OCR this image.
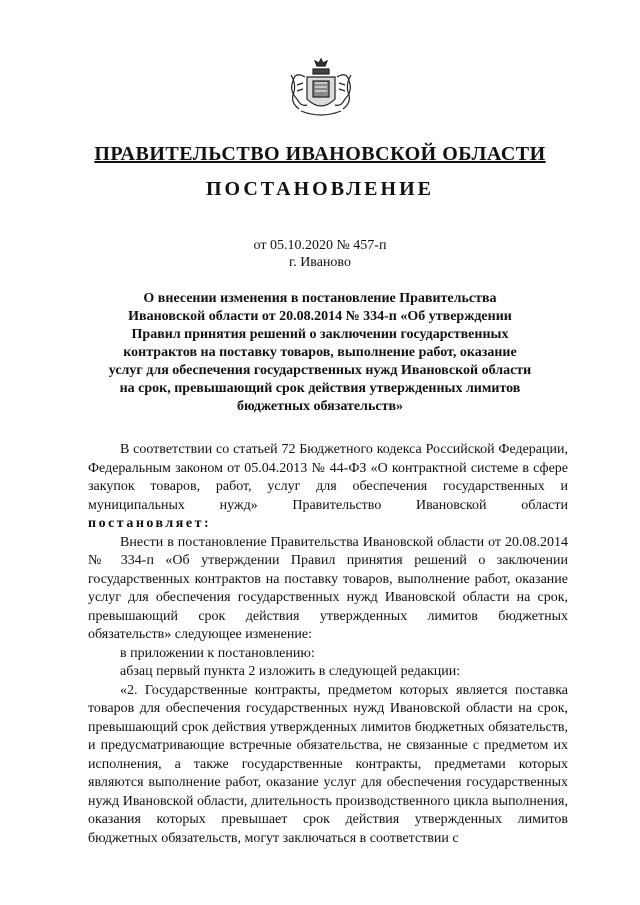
ПРАВИТЕЛЬСТВО ИВАНОВСКОЙ ОБЛАСТИ
ПОСТАНОВЛЕНИЕ
от 05.10.2020 № 457-п
г. Иваново
О внесении изменения в постановление Правительства Ивановской области от 20.08.2014 № 334-п «Об утверждении Правил принятия решений о заключении государственных контрактов на поставку товаров, выполнение работ, оказание услуг для обеспечения государственных нужд Ивановской области на срок, превышающий срок действия утвержденных лимитов бюджетных обязательств»

В соответствии со статьей 72 Бюджетного кодекса Российской Федерации, Федеральным законом от 05.04.2013 № 44-ФЗ «О контрактной системе в сфере закупок товаров, работ, услуг для обеспечения государственных и муниципальных нужд» Правительство Ивановской области постановляет:

Внести в постановление Правительства Ивановской области от 20.08.2014 № 334-п «Об утверждении Правил принятия решений о заключении государственных контрактов на поставку товаров, выполнение работ, оказание услуг для обеспечения государственных нужд Ивановской области на срок, превышающий срок действия утвержденных лимитов бюджетных обязательств» следующее изменение:

в приложении к постановлению:

абзац первый пункта 2 изложить в следующей редакции:

«2. Государственные контракты, предметом которых является поставка товаров для обеспечения государственных нужд Ивановской области на срок, превышающий срок действия утвержденных лимитов бюджетных обязательств, и предусматривающие встречные обязательства, не связанные с предметом их исполнения, а также государственные контракты, предметами которых являются выполнение работ, оказание услуг для обеспечения государственных нужд Ивановской области, длительность производственного цикла выполнения, оказания которых превышает срок действия утвержденных лимитов бюджетных обязательств, могут заключаться в соответствии с
